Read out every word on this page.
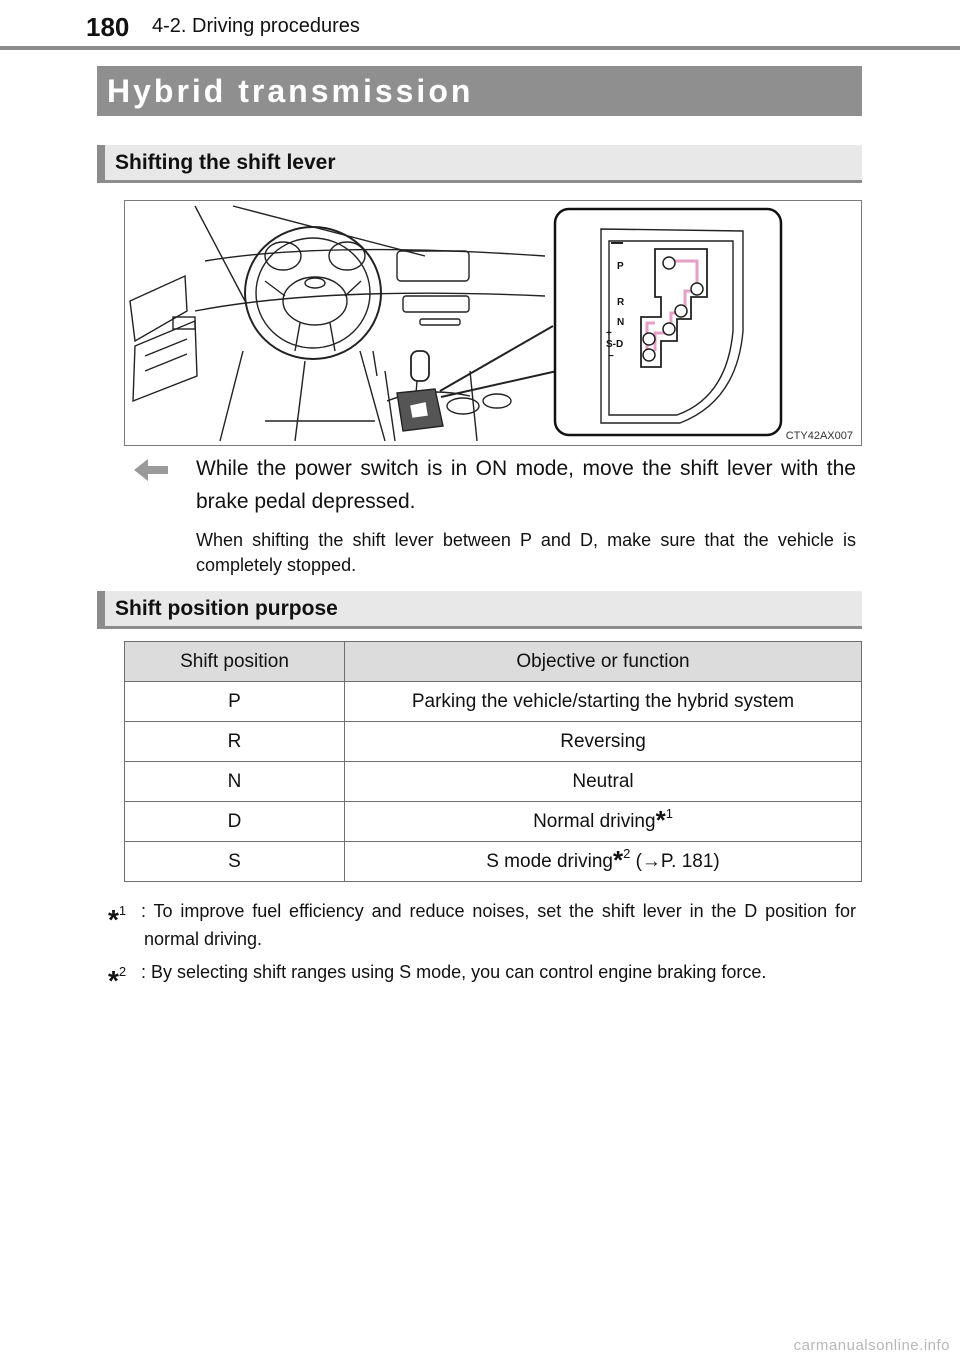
180 4-2. Driving procedures
Hybrid transmission
Shifting the shift lever
P
R
N
+
S-D
−
CTY42AX007
While the power switch is in ON mode, move the shift lever with the brake pedal depressed.
When shifting the shift lever between P and D, make sure that the vehicle is completely stopped.
Shift position purpose
Shift position	Objective or function
P	Parking the vehicle/starting the hybrid system
R	Reversing
N	Neutral
D	Normal driving$^{*1}$
S	S mode driving$^{*2}$ (→P. 181)
*$^1$ : To improve fuel efficiency and reduce noises, set the shift lever in the D position for normal driving.
*$^2$ : By selecting shift ranges using S mode, you can control engine braking force.
carmanualsonline.info
